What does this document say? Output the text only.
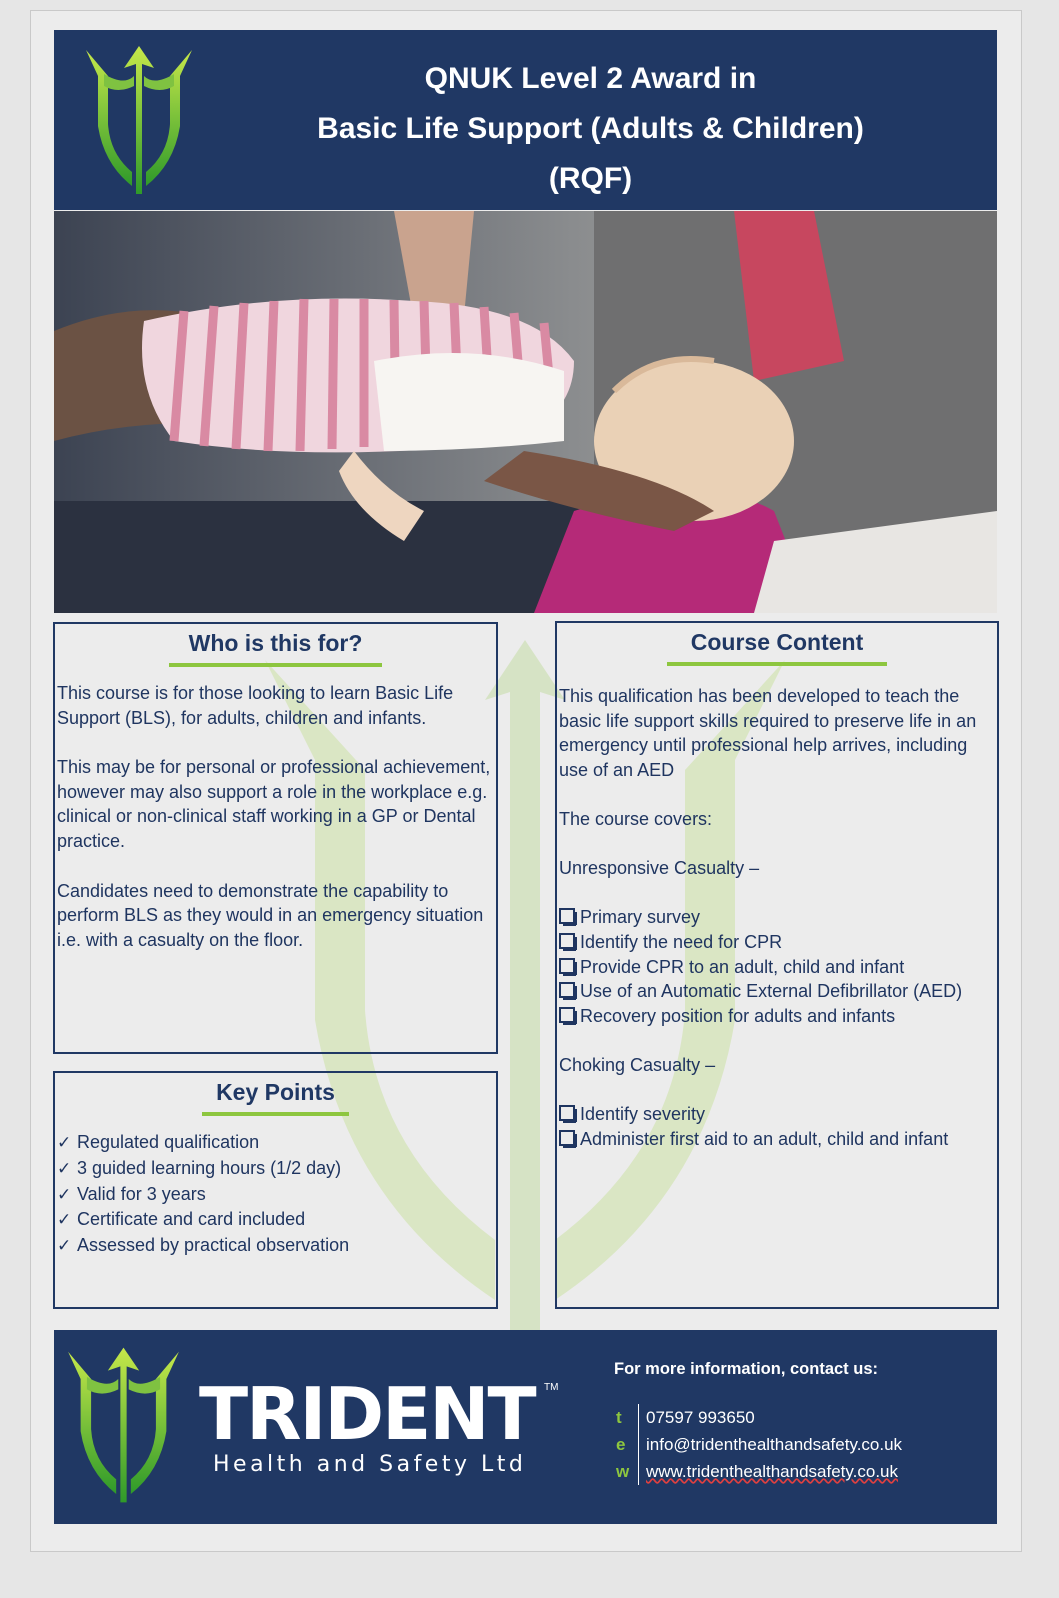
QNUK Level 2 Award in
Basic Life Support (Adults & Children)
(RQF)
Who is this for?

This course is for those looking to learn Basic Life Support (BLS), for adults, children and infants.

This may be for personal or professional achievement, however may also support a role in the workplace e.g. clinical or non-clinical staff working in a GP or Dental practice.

Candidates need to demonstrate the capability to perform BLS as they would in an emergency situation i.e. with a casualty on the floor.

Key Points
✓ Regulated qualification
✓ 3 guided learning hours (1/2 day)
✓ Valid for 3 years
✓ Certificate and card included
✓ Assessed by practical observation
Course Content

This qualification has been developed to teach the basic life support skills required to preserve life in an emergency until professional help arrives, including use of an AED

The course covers:

Unresponsive Casualty –

Primary survey
Identify the need for CPR
Provide CPR to an adult, child and infant
Use of an Automatic External Defibrillator (AED)
Recovery position for adults and infants

Choking Casualty –

Identify severity
Administer first aid to an adult, child and infant
TRIDENT TM
Health and Safety Ltd
For more information, contact us:
t	07597 993650
e	info@tridenthealthandsafety.co.uk
w www.tridenthealthandsafety.co.uk
